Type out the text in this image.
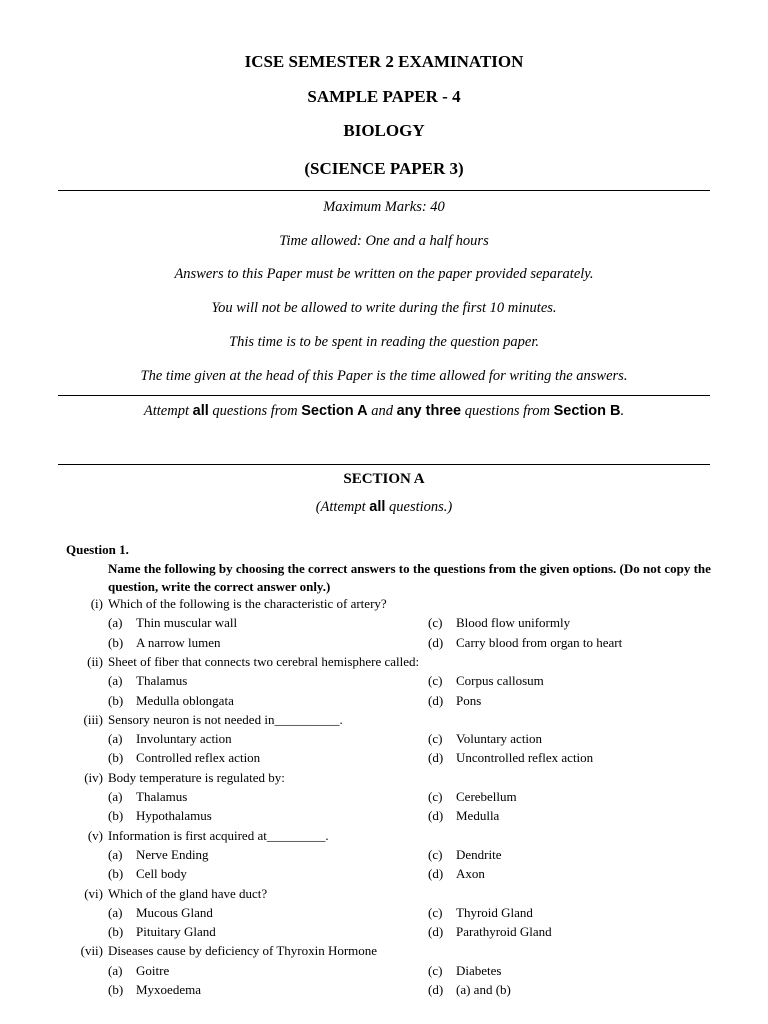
ICSE SEMESTER 2 EXAMINATION
SAMPLE PAPER - 4
BIOLOGY
(SCIENCE PAPER 3)
Maximum Marks: 40
Time allowed: One and a half hours
Answers to this Paper must be written on the paper provided separately.
You will not be allowed to write during the first 10 minutes.
This time is to be spent in reading the question paper.
The time given at the head of this Paper is the time allowed for writing the answers.
Attempt all questions from Section A and any three questions from Section B.
SECTION A
(Attempt all questions.)
Question 1.
Name the following by choosing the correct answers to the questions from the given options. (Do not copy the question, write the correct answer only.)
(i) Which of the following is the characteristic of artery?
(a) Thin muscular wall	(c) Blood flow uniformly
(b) A narrow lumen	(d) Carry blood from organ to heart
(ii) Sheet of fiber that connects two cerebral hemisphere called:
(a) Thalamus	(c) Corpus callosum
(b) Medulla oblongata	(d) Pons
(iii) Sensory neuron is not needed in__________.
(a) Involuntary action	(c) Voluntary action
(b) Controlled reflex action	(d) Uncontrolled reflex action
(iv) Body temperature is regulated by:
(a) Thalamus	(c) Cerebellum
(b) Hypothalamus	(d) Medulla
(v) Information is first acquired at_________.
(a) Nerve Ending	(c) Dendrite
(b) Cell body	(d) Axon
(vi) Which of the gland have duct?
(a) Mucous Gland	(c) Thyroid Gland
(b) Pituitary Gland	(d) Parathyroid Gland
(vii) Diseases cause by deficiency of Thyroxin Hormone
(a) Goitre	(c) Diabetes
(b) Myxoedema	(d) (a) and (b)
